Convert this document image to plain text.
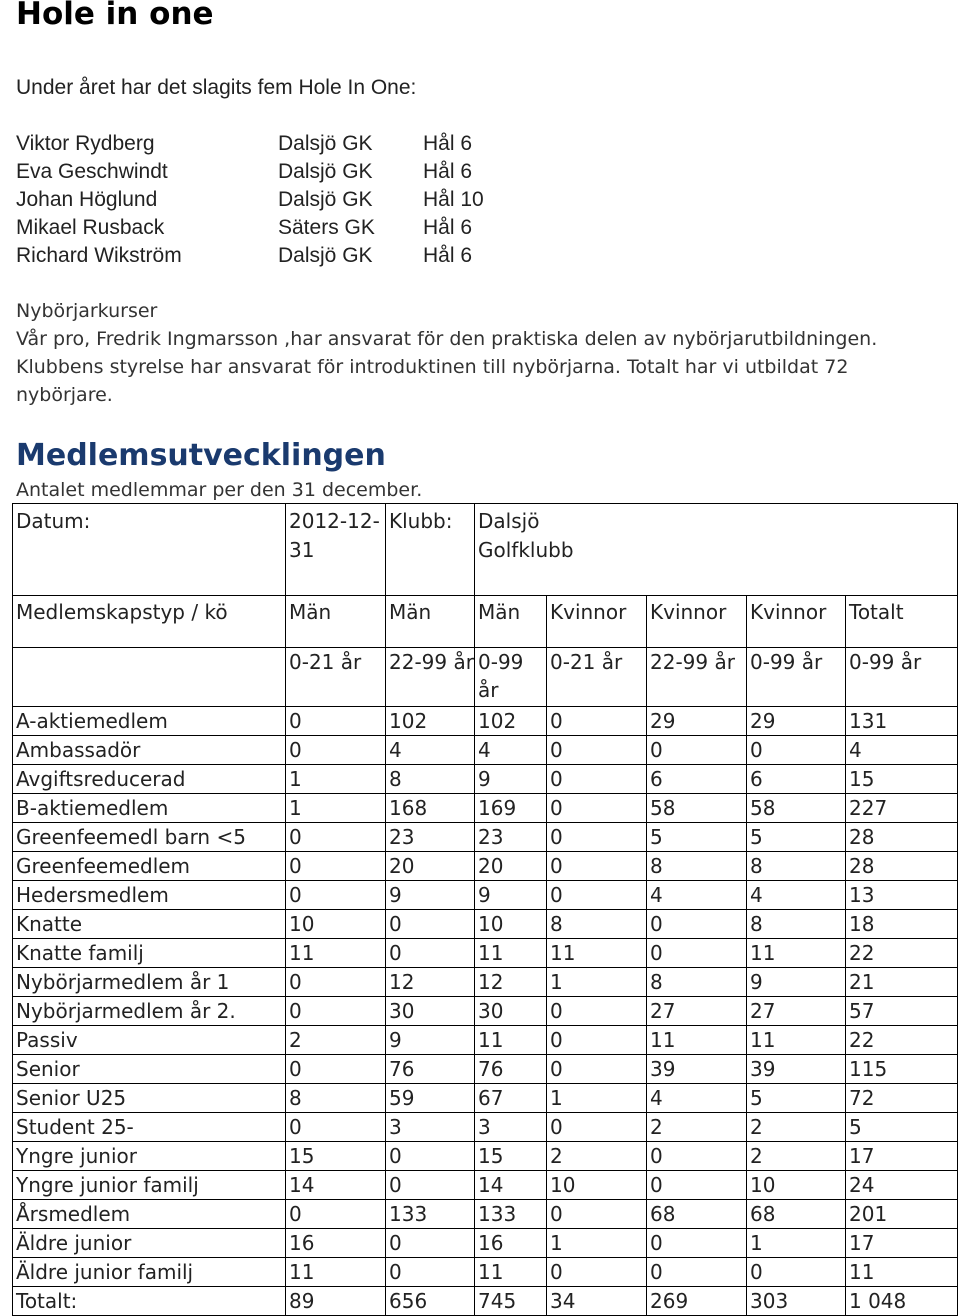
Hole in one
Under året har det slagits fem Hole In One:
Viktor Rydberg	Dalsjö GK Hål 6
Eva Geschwindt	Dalsjö GK Hål 6
Johan Höglund	Dalsjö GK Hål 10
Mikael Rusback	Säters GK Hål 6
Richard Wikström	Dalsjö GK Hål 6
Nybörjarkurser
Vår pro, Fredrik Ingmarsson ,har ansvarat för den praktiska delen av nybörjarutbildningen. Klubbens styrelse har ansvarat för introduktinen till nybörjarna. Totalt har vi utbildat 72 nybörjare.
Medlemsutvecklingen
Antalet medlemmar per den 31 december.
Datum:	2012-12-31	Klubb:	Dalsjö Golfklubb				

Medlemskapstyp / kö	Män	Män	Män	Kvinnor	Kvinnor	Kvinnor	Totalt
	0-21 år	22-99 år	0-99 år	0-21 år	22-99 år	0-99 år	0-99 år
A-aktiemedlem	0	102	102	0	29	29	131
Ambassadör	0	4	4	0	0	0	4
Avgiftsreducerad	1	8	9	0	6	6	15
B-aktiemedlem	1	168	169	0	58	58	227
Greenfeemedl barn <5	0	23	23	0	5	5	28
Greenfeemedlem	0	20	20	0	8	8	28
Hedersmedlem	0	9	9	0	4	4	13
Knatte	10	0	10	8	0	8	18
Knatte familj	11	0	11	11	0	11	22
Nybörjarmedlem år 1	0	12	12	1	8	9	21
Nybörjarmedlem år 2.	0	30	30	0	27	27	57
Passiv	2	9	11	0	11	11	22
Senior	0	76	76	0	39	39	115
Senior U25	8	59	67	1	4	5	72
Student 25-	0	3	3	0	2	2	5
Yngre junior	15	0	15	2	0	2	17
Yngre junior familj	14	0	14	10	0	10	24
Årsmedlem	0	133	133	0	68	68	201
Äldre junior	16	0	16	1	0	1	17
Äldre junior familj	11	0	11	0	0	0	11
Totalt:	89	656	745	34	269	303	1 048
